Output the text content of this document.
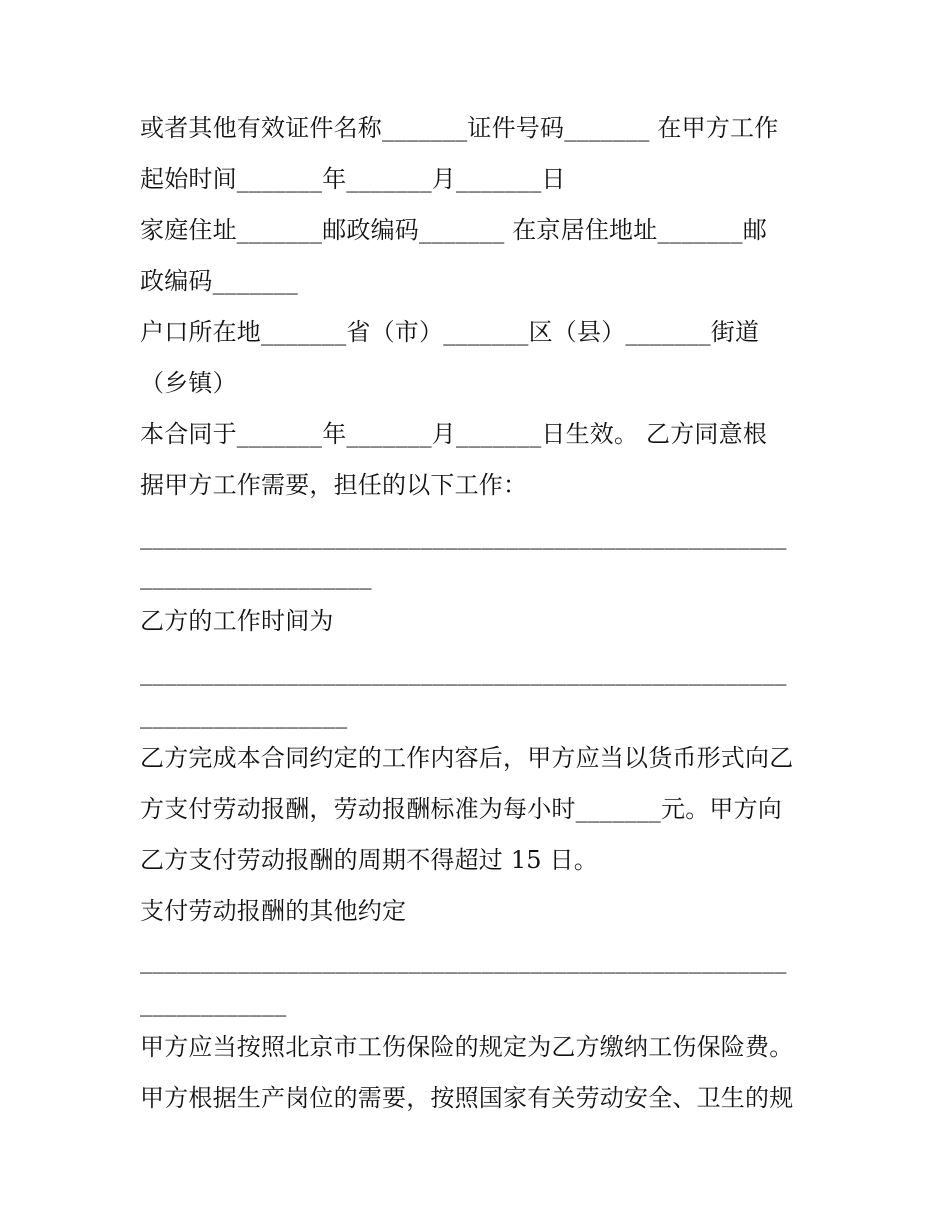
或者其他有效证件名称_______证件号码_______ 在甲方工作
起始时间_______年_______月_______日
家庭住址_______邮政编码_______ 在京居住地址_______邮
政编码_______
户口所在地_______省（市）_______区（县）_______街道
（乡镇）
本合同于_______年_______月_______日生效。 乙方同意根
据甲方工作需要，担任的以下工作：
_____________________________________________________
___________________
乙方的工作时间为
_____________________________________________________
_________________
乙方完成本合同约定的工作内容后，甲方应当以货币形式向乙
方支付劳动报酬，劳动报酬标准为每小时_______元。甲方向
乙方支付劳动报酬的周期不得超过 15 日。
支付劳动报酬的其他约定
_____________________________________________________
____________
甲方应当按照北京市工伤保险的规定为乙方缴纳工伤保险费。
甲方根据生产岗位的需要，按照国家有关劳动安全、卫生的规
